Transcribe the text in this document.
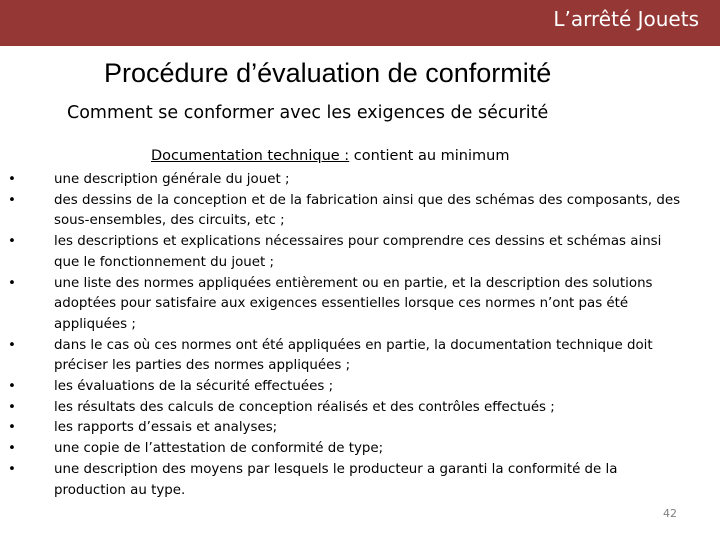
L’arrêté Jouets
Procédure d’évaluation de conformité
Comment se conformer avec les exigences de sécurité
Documentation technique : contient au minimum
•	une description générale du jouet ;
•	des dessins de la conception et de la fabrication ainsi que des schémas des composants, des sous-ensembles, des circuits, etc ;
•	les descriptions et explications nécessaires pour comprendre ces dessins et schémas ainsi que le fonctionnement du jouet ;
•	une liste des normes appliquées entièrement ou en partie, et la description des solutions adoptées pour satisfaire aux exigences essentielles lorsque ces normes n’ont pas été appliquées ;
•	dans le cas où ces normes ont été appliquées en partie, la documentation technique doit préciser les parties des normes appliquées ;
•	les évaluations de la sécurité effectuées ;
•	les résultats des calculs de conception réalisés et des contrôles effectués ;
•	les rapports d’essais et analyses;
•	une copie de l’attestation de conformité de type;
•	une description des moyens par lesquels le producteur a garanti la conformité de la production au type.
42
